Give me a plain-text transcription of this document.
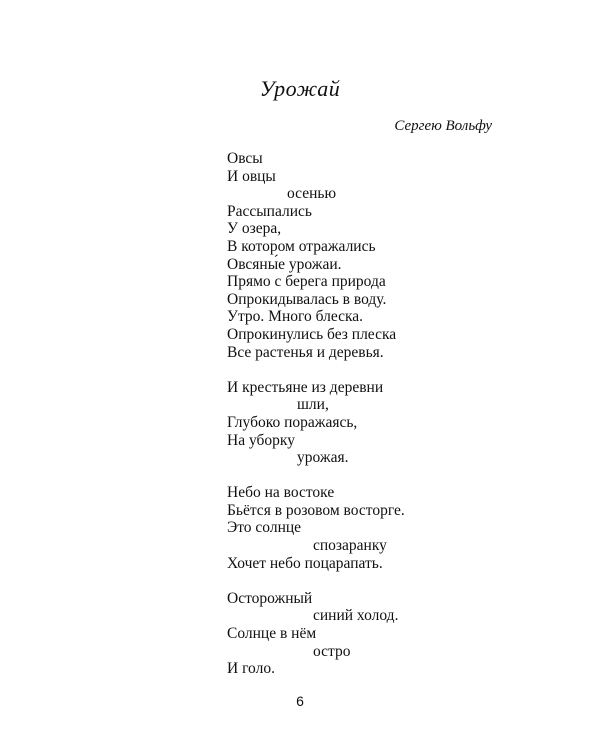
Урожай
Сергею Вольфу
Овсы
И овцы
осенью
Рассыпались
У озера,
В котором отражались
Овсяны́е урожаи.
Прямо с берега природа
Опрокидывалась в воду.
Утро. Много блеска.
Опрокинулись без плеска
Все растенья и деревья.
И крестьяне из деревни
шли,
Глубоко поражаясь,
На уборку
урожая.
Небо на востоке
Бьётся в розовом восторге.
Это солнце
спозаранку
Хочет небо поцарапать.
Осторожный
синий холод.
Солнце в нём
остро
И голо.
6
